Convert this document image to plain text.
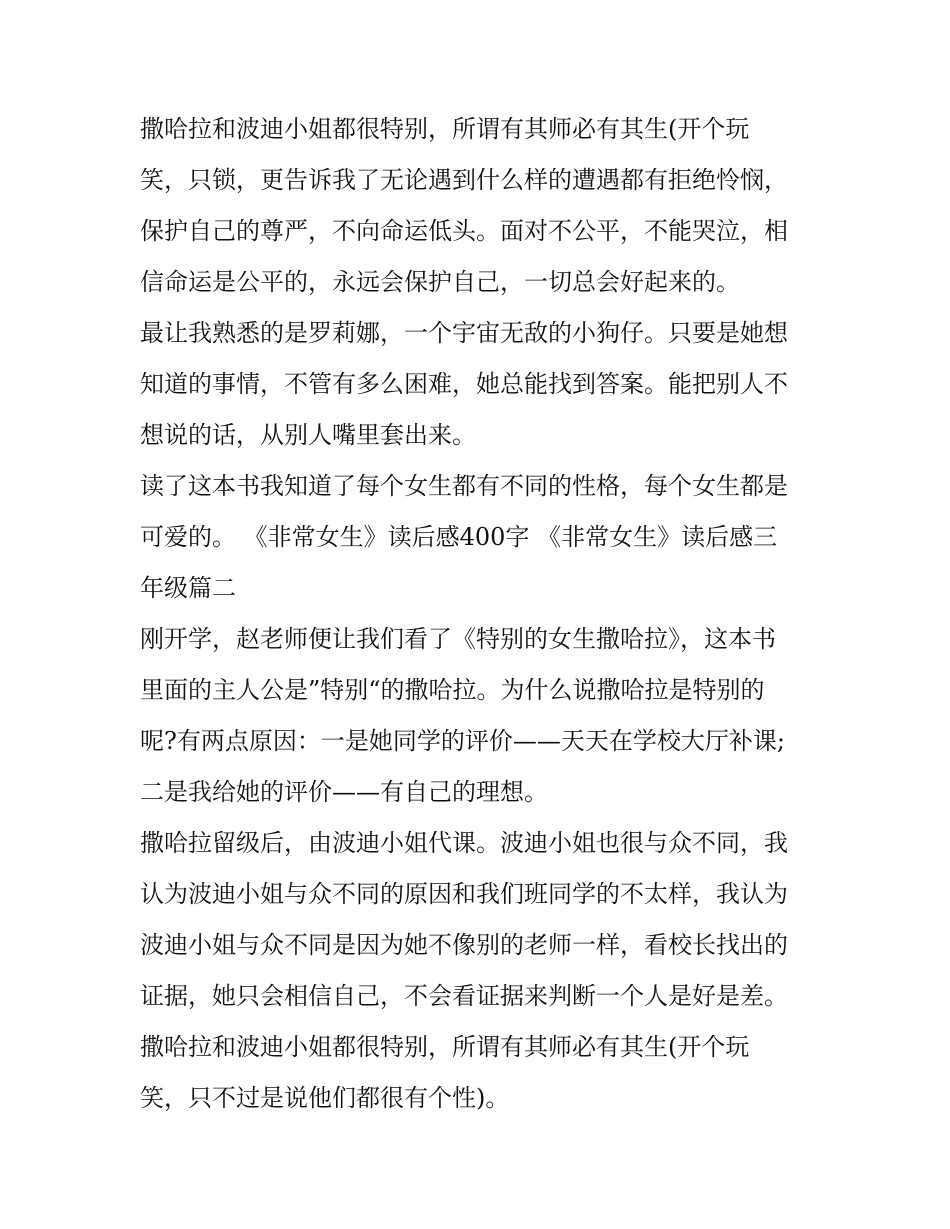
撒哈拉和波迪小姐都很特别，所谓有其师必有其生(开个玩
笑，只锁，更告诉我了无论遇到什么样的遭遇都有拒绝怜悯，
保护自己的尊严，不向命运低头。面对不公平，不能哭泣，相
信命运是公平的，永远会保护自己，一切总会好起来的。
最让我熟悉的是罗莉娜，一个宇宙无敌的小狗仔。只要是她想
知道的事情，不管有多么困难，她总能找到答案。能把别人不
想说的话，从别人嘴里套出来。
读了这本书我知道了每个女生都有不同的性格，每个女生都是
可爱的。 《非常女生》读后感400字 《非常女生》读后感三
年级篇二
刚开学，赵老师便让我们看了《特别的女生撒哈拉》，这本书
里面的主人公是”特别“的撒哈拉。为什么说撒哈拉是特别的
呢?有两点原因：一是她同学的评价——天天在学校大厅补课;
二是我给她的评价——有自己的理想。
撒哈拉留级后，由波迪小姐代课。波迪小姐也很与众不同，我
认为波迪小姐与众不同的原因和我们班同学的不太样，我认为
波迪小姐与众不同是因为她不像别的老师一样，看校长找出的
证据，她只会相信自己，不会看证据来判断一个人是好是差。
撒哈拉和波迪小姐都很特别，所谓有其师必有其生(开个玩
笑，只不过是说他们都很有个性)。
